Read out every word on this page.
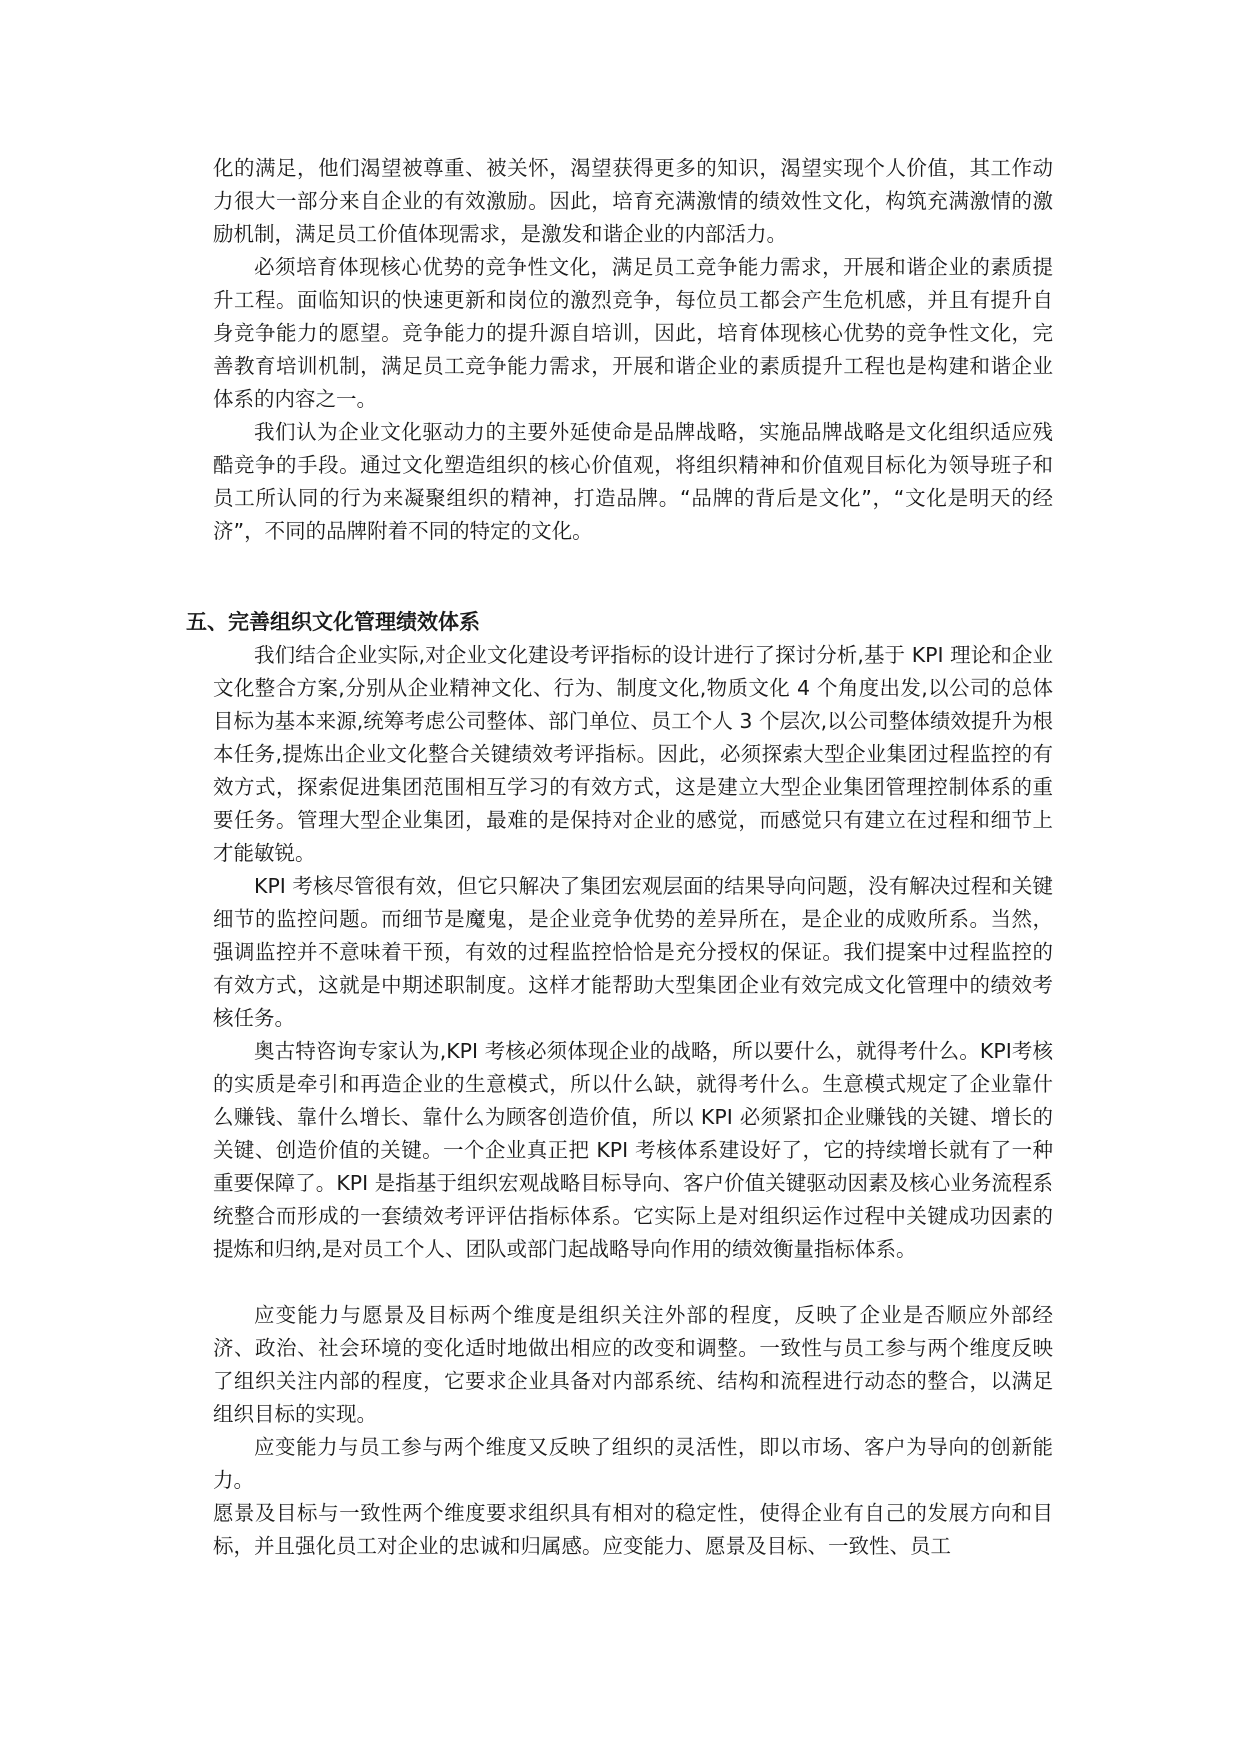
化的满足，他们渴望被尊重、被关怀，渴望获得更多的知识，渴望实现个人价值，其工作动力很大一部分来自企业的有效激励。因此，培育充满激情的绩效性文化，构筑充满激情的激励机制，满足员工价值体现需求，是激发和谐企业的内部活力。

必须培育体现核心优势的竞争性文化，满足员工竞争能力需求，开展和谐企业的素质提升工程。面临知识的快速更新和岗位的激烈竞争，每位员工都会产生危机感，并且有提升自身竞争能力的愿望。竞争能力的提升源自培训，因此，培育体现核心优势的竞争性文化，完善教育培训机制，满足员工竞争能力需求，开展和谐企业的素质提升工程也是构建和谐企业体系的内容之一。

我们认为企业文化驱动力的主要外延使命是品牌战略，实施品牌战略是文化组织适应残酷竞争的手段。通过文化塑造组织的核心价值观，将组织精神和价值观目标化为领导班子和员工所认同的行为来凝聚组织的精神，打造品牌。“品牌的背后是文化”，“文化是明天的经济”，不同的品牌附着不同的特定的文化。

五、完善组织文化管理绩效体系

我们结合企业实际,对企业文化建设考评指标的设计进行了探讨分析,基于 KPI 理论和企业文化整合方案,分别从企业精神文化、行为、制度文化,物质文化 4 个角度出发,以公司的总体目标为基本来源,统筹考虑公司整体、部门单位、员工个人 3 个层次,以公司整体绩效提升为根本任务,提炼出企业文化整合关键绩效考评指标。因此，必须探索大型企业集团过程监控的有效方式，探索促进集团范围相互学习的有效方式，这是建立大型企业集团管理控制体系的重要任务。管理大型企业集团，最难的是保持对企业的感觉，而感觉只有建立在过程和细节上才能敏锐。

KPI 考核尽管很有效，但它只解决了集团宏观层面的结果导向问题，没有解决过程和关键细节的监控问题。而细节是魔鬼，是企业竞争优势的差异所在，是企业的成败所系。当然，强调监控并不意味着干预，有效的过程监控恰恰是充分授权的保证。我们提案中过程监控的有效方式，这就是中期述职制度。这样才能帮助大型集团企业有效完成文化管理中的绩效考核任务。

奥古特咨询专家认为,KPI 考核必须体现企业的战略，所以要什么，就得考什么。KPI考核的实质是牵引和再造企业的生意模式，所以什么缺，就得考什么。生意模式规定了企业靠什么赚钱、靠什么增长、靠什么为顾客创造价值，所以 KPI 必须紧扣企业赚钱的关键、增长的关键、创造价值的关键。一个企业真正把 KPI 考核体系建设好了，它的持续增长就有了一种重要保障了。KPI 是指基于组织宏观战略目标导向、客户价值关键驱动因素及核心业务流程系统整合而形成的一套绩效考评评估指标体系。它实际上是对组织运作过程中关键成功因素的提炼和归纳,是对员工个人、团队或部门起战略导向作用的绩效衡量指标体系。

应变能力与愿景及目标两个维度是组织关注外部的程度，反映了企业是否顺应外部经济、政治、社会环境的变化适时地做出相应的改变和调整。一致性与员工参与两个维度反映了组织关注内部的程度，它要求企业具备对内部系统、结构和流程进行动态的整合，以满足组织目标的实现。

应变能力与员工参与两个维度又反映了组织的灵活性，即以市场、客户为导向的创新能力。

愿景及目标与一致性两个维度要求组织具有相对的稳定性，使得企业有自己的发展方向和目标，并且强化员工对企业的忠诚和归属感。应变能力、愿景及目标、一致性、员工
